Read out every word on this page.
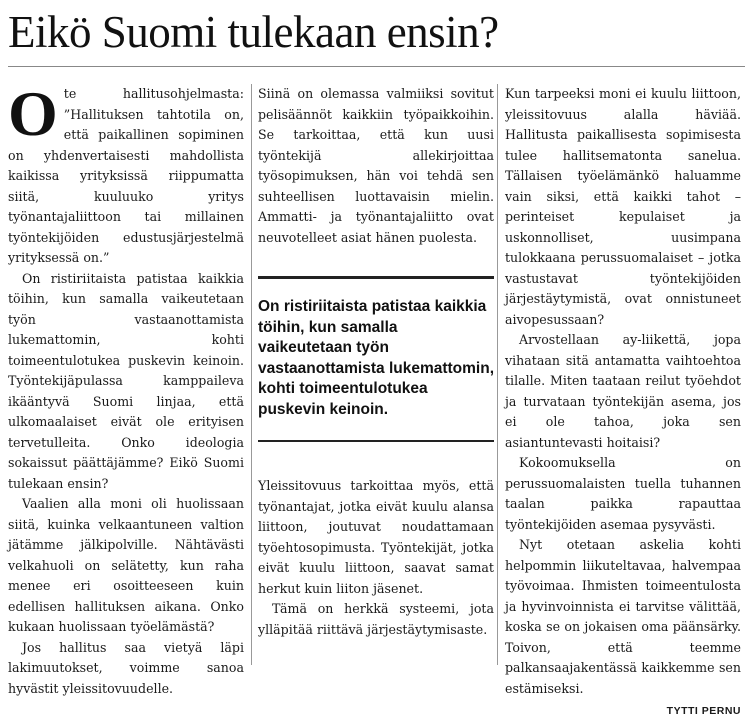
Eikö Suomi tulekaan ensin?

Ote hallitusohjelmasta: ”Hallituksen tahtotila on, että paikallinen sopiminen on yhdenvertaisesti mahdollista kaikissa yrityksissä riippumatta siitä, kuuluuko yritys työnantajaliittoon tai millainen työntekijöiden edustusjärjestelmä yrityksessä on.”

On ristiriitaista patistaa kaikkia töihin, kun samalla vaikeutetaan työn vastaanottamista lukemattomin, kohti toimeentulotukea puskevin keinoin. Työntekijäpulassa kamppaileva ikääntyvä Suomi linjaa, että ulkomaalaiset eivät ole erityisen tervetulleita. Onko ideologia sokaissut päättäjämme? Eikö Suomi tulekaan ensin?

Vaalien alla moni oli huolissaan siitä, kuinka velkaantuneen valtion jätämme jälkipolville. Nähtävästi velkahuoli on selätetty, kun raha menee eri osoitteeseen kuin edellisen hallituksen aikana. Onko kukaan huolissaan työelämästä?

Jos hallitus saa vietyä läpi lakimuutokset, voimme sanoa hyvästit yleissitovuudelle.

Siinä on olemassa valmiiksi sovitut pelisäännöt kaikkiin työpaikkoihin. Se tarkoittaa, että kun uusi työntekijä allekirjoittaa työsopimuksen, hän voi tehdä sen suhteellisen luottavaisin mielin. Ammatti- ja työnantajaliitto ovat neuvotelleet asiat hänen puolesta.

On ristiriitaista patistaa kaikkia töihin, kun samalla vaikeutetaan työn vastaanottamista lukemattomin, kohti toimeentulotukea puskevin keinoin.

Yleissitovuus tarkoittaa myös, että työnantajat, jotka eivät kuulu alansa liittoon, joutuvat noudattamaan työehtosopimusta. Työntekijät, jotka eivät kuulu liittoon, saavat samat herkut kuin liiton jäsenet.

Tämä on herkkä systeemi, jota ylläpitää riittävä järjestäytymisaste.

Kun tarpeeksi moni ei kuulu liittoon, yleissitovuus alalla häviää. Hallitusta paikallisesta sopimisesta tulee hallitsematonta sanelua. Tällaisen työelämänkö haluamme vain siksi, että kaikki tahot – perinteiset kepulaiset ja uskonnolliset, uusimpana tulokkaana perussuomalaiset – jotka vastustavat työntekijöiden järjestäytymistä, ovat onnistuneet aivopesussaan?

Arvostellaan ay-liikettä, jopa vihataan sitä antamatta vaihtoehtoa tilalle. Miten taataan reilut työehdot ja turvataan työntekijän asema, jos ei ole tahoa, joka sen asiantuntevasti hoitaisi?

Kokoomuksella on perussuomalaisten tuella tuhannen taalan paikka rapauttaa työntekijöiden asemaa pysyvästi.

Nyt otetaan askelia kohti helpommin liikuteltavaa, halvempaa työvoimaa. Ihmisten toimeentulosta ja hyvinvoinnista ei tarvitse välittää, koska se on jokaisen oma päänsärky. Toivon, että teemme palkansaajakentässä kaikkemme sen estämiseksi.

TYTTI PERNU
